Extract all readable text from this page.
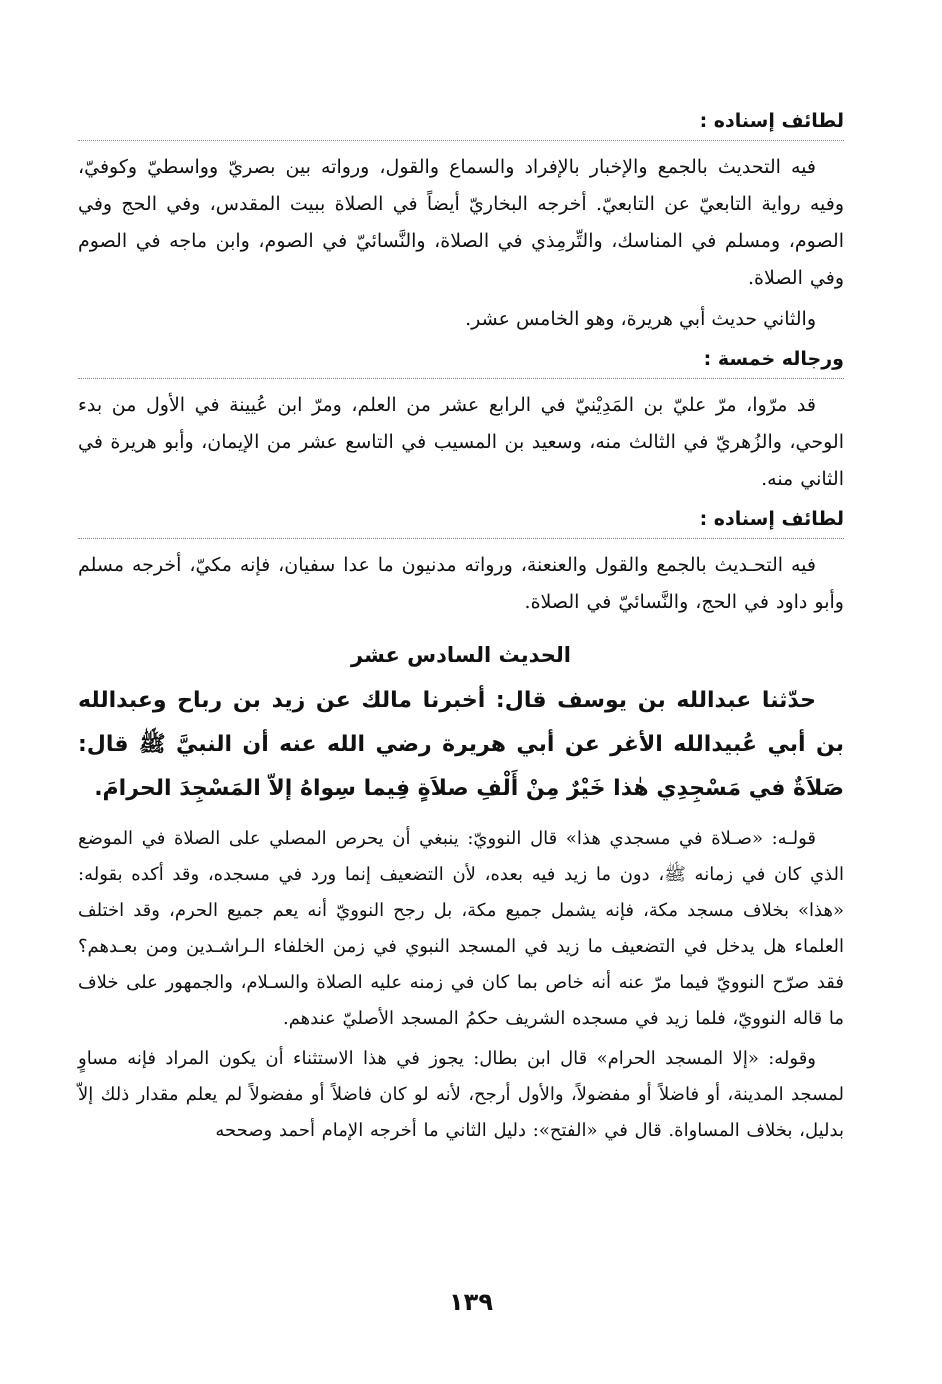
لطائف إسناده :

فيه التحديث بالجمع والإخبار بالإفراد والسماع والقول، ورواته بين بصريّ وواسطيّ وكوفيّ، وفيه رواية التابعيّ عن التابعيّ. أخرجه البخاريّ أيضاً في الصلاة ببيت المقدس، وفي الحج وفي الصوم، ومسلم في المناسك، والتِّرمِذي في الصلاة، والنَّسائيّ في الصوم، وابن ماجه في الصوم وفي الصلاة.

والثاني حديث أبي هريرة، وهو الخامس عشر.

ورجاله خمسة :

قد مرّوا، مرّ عليّ بن المَدِيْنيّ في الرابع عشر من العلم، ومرّ ابن عُيينة في الأول من بدء الوحي، والزُهريّ في الثالث منه، وسعيد بن المسيب في التاسع عشر من الإيمان، وأبو هريرة في الثاني منه.

لطائف إسناده :

فيه التحـديث بالجمع والقول والعنعنة، ورواته مدنيون ما عدا سفيان، فإنه مكيّ، أخرجه مسلم وأبو داود في الحج، والنَّسائيّ في الصلاة.

الحديث السادس عشر

حدّثنا عبدالله بن يوسف قال: أخبرنا مالك عن زيد بن رباح وعبدالله بن أبي عُبيدالله الأغر عن أبي هريرة رضي الله عنه أن النبيَّ ﷺ قال: صَلاَةٌ في مَسْجِدِي هٰذا خَيْرٌ مِنْ أَلْفِ صلاَةٍ فِيما سِواهُ إلاّ المَسْجِدَ الحرامَ.

قولـه: «صـلاة في مسجدي هذا» قال النوويّ: ينبغي أن يحرص المصلي على الصلاة في الموضع الذي كان في زمانه ﷺ، دون ما زيد فيه بعده، لأن التضعيف إنما ورد في مسجده، وقد أكده بقوله: «هذا» بخلاف مسجد مكة، فإنه يشمل جميع مكة، بل رجح النوويّ أنه يعم جميع الحرم، وقد اختلف العلماء هل يدخل في التضعيف ما زيد في المسجد النبوي في زمن الخلفاء الـراشـدين ومن بعـدهم؟ فقد صرّح النوويّ فيما مرّ عنه أنه خاص بما كان في زمنه عليه الصلاة والسـلام، والجمهور على خلاف ما قاله النوويّ، فلما زيد في مسجده الشريف حكمُ المسجد الأصليّ عندهم.

وقوله: «إلا المسجد الحرام» قال ابن بطال: يجوز في هذا الاستثناء أن يكون المراد فإنه مساوٍ لمسجد المدينة، أو فاضلاً أو مفضولاً، والأول أرجح، لأنه لو كان فاضلاً أو مفضولاً لم يعلم مقدار ذلك إلاّ بدليل، بخلاف المساواة. قال في «الفتح»: دليل الثاني ما أخرجه الإمام أحمد وصححه

١٣٩
